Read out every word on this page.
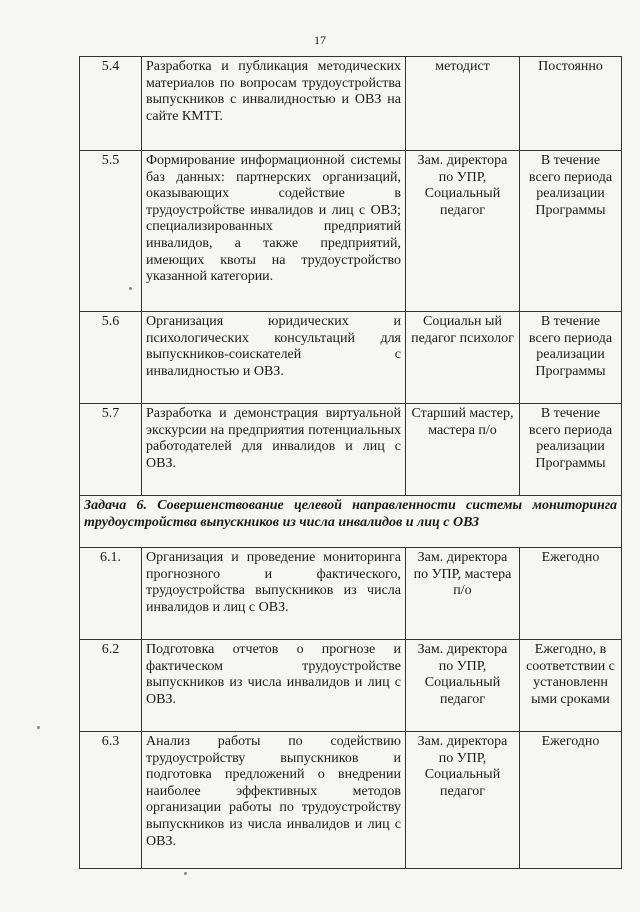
17
5.4	Разработка и публикация методических материалов по вопросам трудоустройства выпускников с инвалидностью и ОВЗ на сайте КМТТ.	методист	Постоянно
5.5	Формирование информационной системы баз данных: партнерских организаций, оказывающих содействие в трудоустройстве инвалидов и лиц с ОВЗ; специализированных предприятий инвалидов, а также предприятий, имеющих квоты на трудоустройство указанной категории.	Зам. директора по УПР, Социальный педагог	В течение всего периода реализации Программы
5.6	Организация юридических и психологических консультаций для выпускников-соискателей с инвалидностью и ОВЗ.	Социальн ый педагог психолог	В течение всего периода реализации Программы
5.7	Разработка и демонстрация виртуальной экскурсии на предприятия потенциальных работодателей для инвалидов и лиц с ОВЗ.	Старший мастер, мастера п/о	В течение всего периода реализации Программы
Задача 6. Совершенствование целевой направленности системы мониторинга трудоустройства выпускников из числа инвалидов и лиц с ОВЗ			
6.1.	Организация и проведение мониторинга прогнозного и фактического, трудоустройства выпускников из числа инвалидов и лиц с ОВЗ.	Зам. директора по УПР, мастера п/о	Ежегодно
6.2	Подготовка отчетов о прогнозе и фактическом трудоустройстве выпускников из числа инвалидов и лиц с ОВЗ.	Зам. директора по УПР, Социальный педагог	Ежегодно, в соответствии с установленн ыми сроками
6.3	Анализ работы по содействию трудоустройству выпускников и подготовка предложений о внедрении наиболее эффективных методов организации работы по трудоустройству выпускников из числа инвалидов и лиц с ОВЗ.	Зам. директора по УПР, Социальный педагог	Ежегодно
